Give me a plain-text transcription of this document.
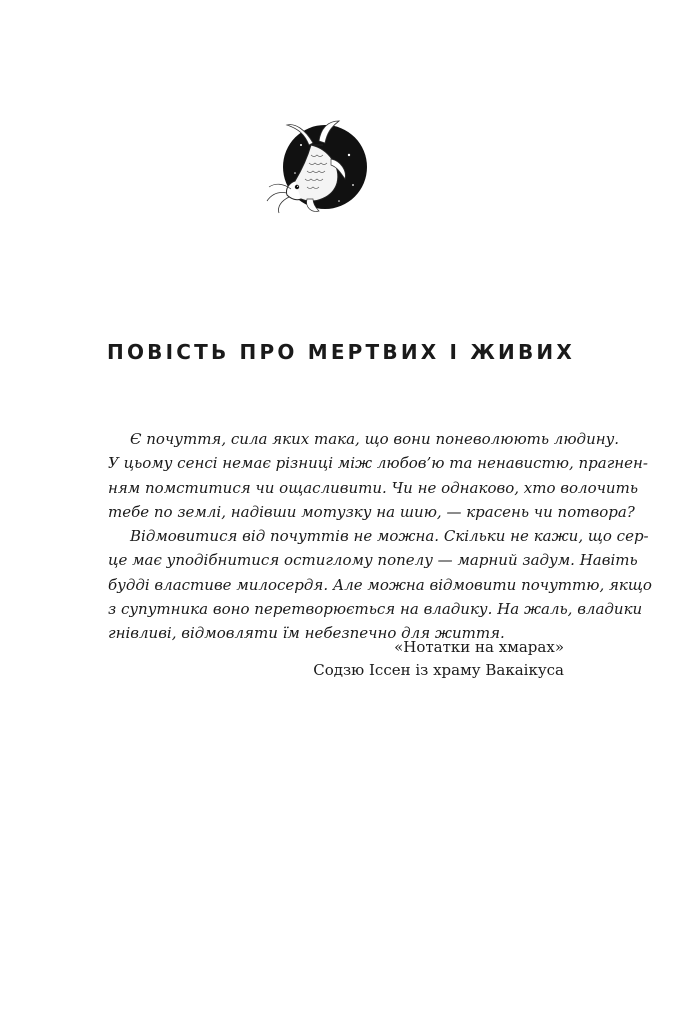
ПОВІСТЬ ПРО МЕРТВИХ І ЖИВИХ
Є почуття, сила яких така, що вони поневолюють людину.
У цьому сенсі немає різниці між любов’ю та ненавистю, прагнен-
ням помститися чи ощасливити. Чи не однаково, хто волочить
тебе по землі, надівши мотузку на шию, — красень чи потвора?
Відмовитися від почуттів не можна. Скільки не кажи, що сер-
це має уподібнитися остиглому попелу — марний задум. Навіть
будді властиве милосердя. Але можна відмовити почуттю, якщо
з супутника воно перетворюється на владику. На жаль, владики
гнівливі, відмовляти їм небезпечно для життя.
«Нотатки на хмарах»
Содзю Іссен із храму Вакаікуса
